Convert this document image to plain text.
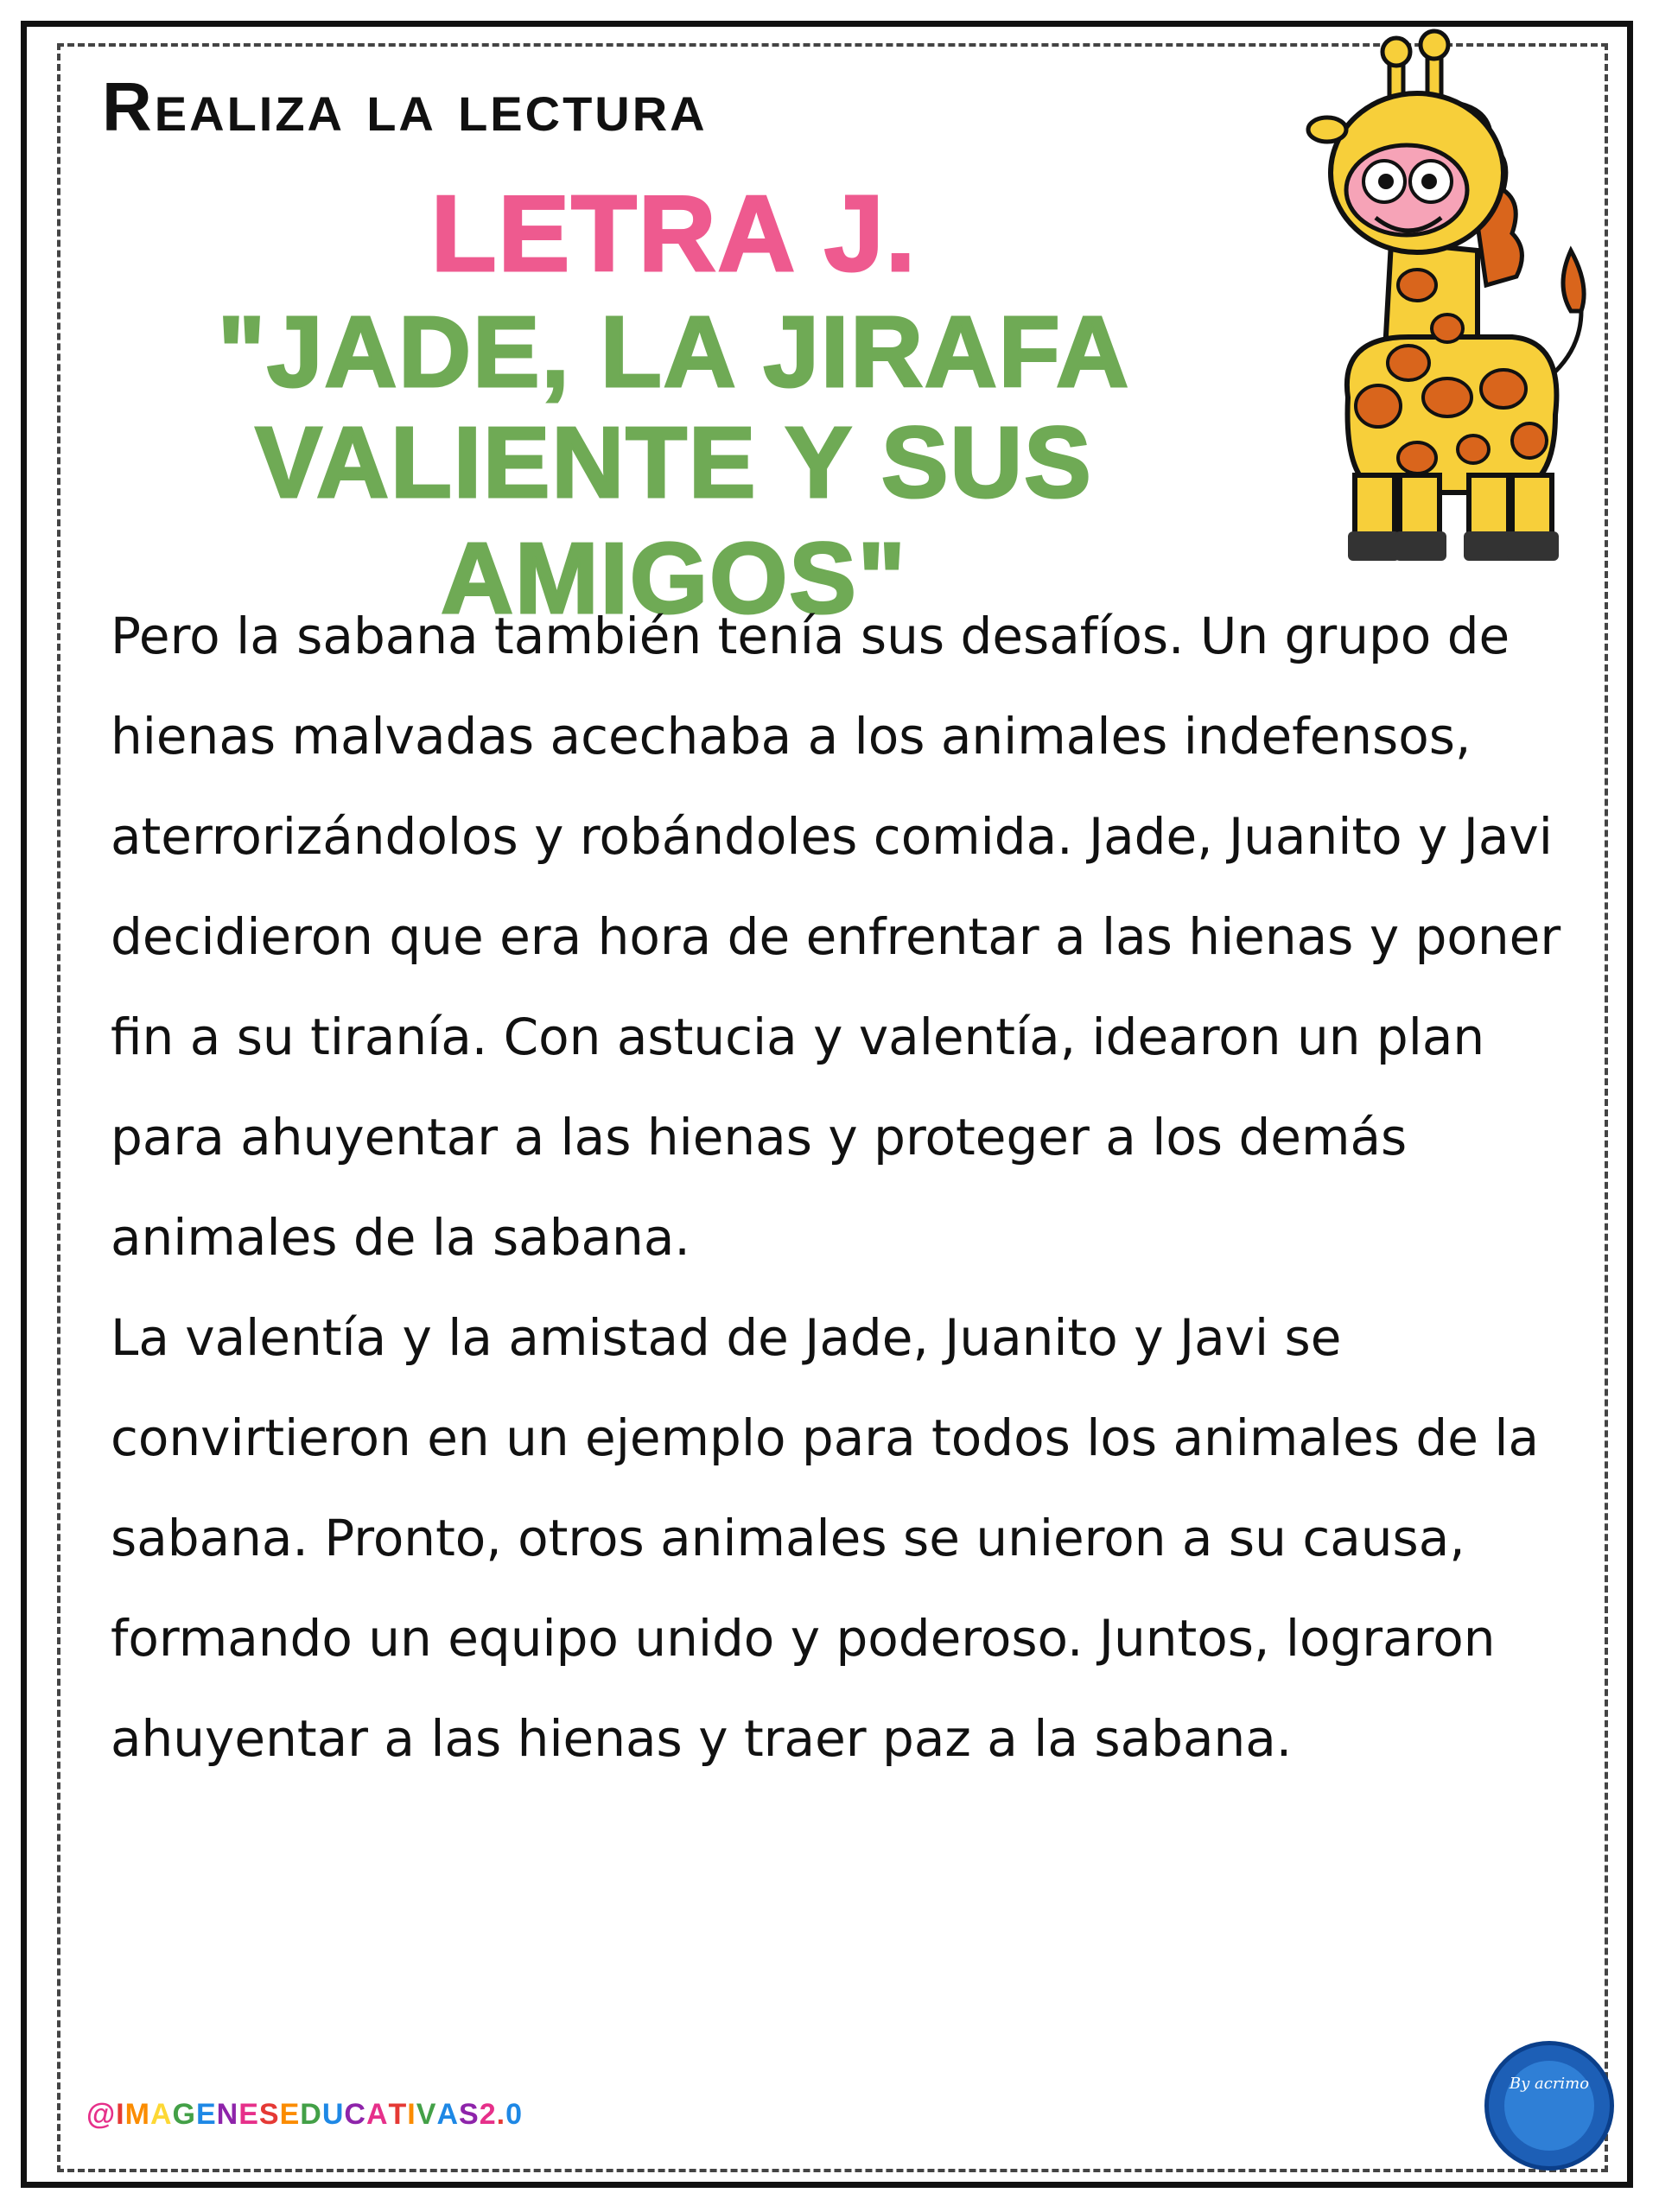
Realiza la lectura
LETRA J.
"JADE, LA JIRAFA
VALIENTE Y SUS AMIGOS"

Pero la sabana también tenía sus desafíos. Un grupo de hienas malvadas acechaba a los animales indefensos, aterrorizándolos y robándoles comida. Jade, Juanito y Javi decidieron que era hora de enfrentar a las hienas y poner fin a su tiranía. Con astucia y valentía, idearon un plan para ahuyentar a las hienas y proteger a los demás animales de la sabana.

La valentía y la amistad de Jade, Juanito y Javi se convirtieron en un ejemplo para todos los animales de la sabana. Pronto, otros animales se unieron a su causa, formando un equipo unido y poderoso. Juntos, lograron ahuyentar a las hienas y traer paz a la sabana.

@IMAGENESEDUCATIVAS2.0
By acrimo
